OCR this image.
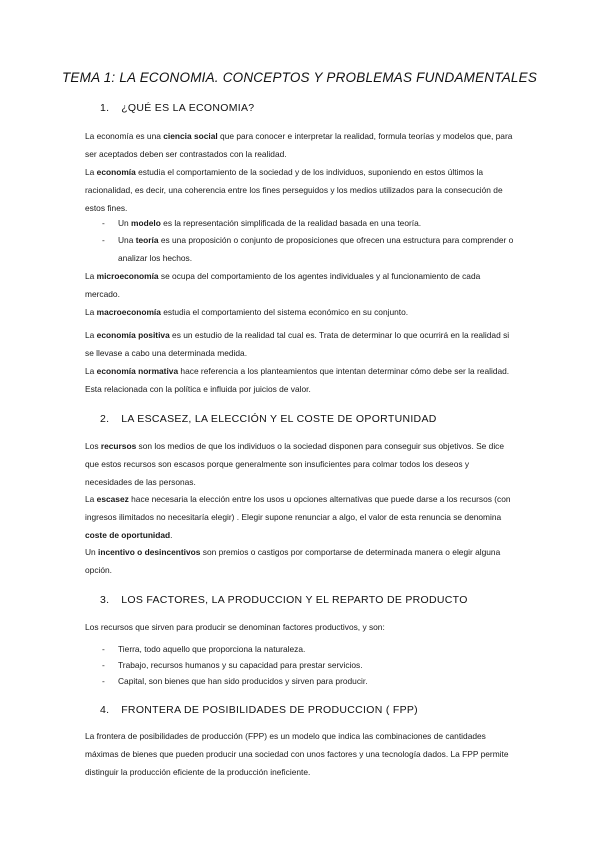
TEMA 1: LA ECONOMIA. CONCEPTOS Y PROBLEMAS FUNDAMENTALES
1. ¿QUÉ ES LA ECONOMIA?

La economía es una ciencia social que para conocer e interpretar la realidad, formula teorías y modelos que, para ser aceptados deben ser contrastados con la realidad.

La economía estudia el comportamiento de la sociedad y de los individuos, suponiendo en estos últimos la racionalidad, es decir, una coherencia entre los fines perseguidos y los medios utilizados para la consecución de estos fines.

- Un modelo es la representación simplificada de la realidad basada en una teoría.
- Una teoría es una proposición o conjunto de proposiciones que ofrecen una estructura para comprender o analizar los hechos.

La microeconomía se ocupa del comportamiento de los agentes individuales y al funcionamiento de cada mercado.

La macroeconomía estudia el comportamiento del sistema económico en su conjunto.

La economía positiva es un estudio de la realidad tal cual es. Trata de determinar lo que ocurrirá en la realidad si se llevase a cabo una determinada medida.

La economía normativa hace referencia a los planteamientos que intentan determinar cómo debe ser la realidad. Esta relacionada con la política e influida por juicios de valor.

2. LA ESCASEZ, LA ELECCIÓN Y EL COSTE DE OPORTUNIDAD

Los recursos son los medios de que los individuos o la sociedad disponen para conseguir sus objetivos. Se dice que estos recursos son escasos porque generalmente son insuficientes para colmar todos los deseos y necesidades de las personas.

La escasez hace necesaria la elección entre los usos u opciones alternativas que puede darse a los recursos (con ingresos ilimitados no necesitaría elegir) . Elegir supone renunciar a algo, el valor de esta renuncia se denomina coste de oportunidad.

Un incentivo o desincentivos son premios o castigos por comportarse de determinada manera o elegir alguna opción.

3. LOS FACTORES, LA PRODUCCION Y EL REPARTO DE PRODUCTO

Los recursos que sirven para producir se denominan factores productivos, y son:

- Tierra, todo aquello que proporciona la naturaleza.
- Trabajo, recursos humanos y su capacidad para prestar servicios.
- Capital, son bienes que han sido producidos y sirven para producir.
4. FRONTERA DE POSIBILIDADES DE PRODUCCION ( FPP)

La frontera de posibilidades de producción (FPP) es un modelo que indica las combinaciones de cantidades máximas de bienes que pueden producir una sociedad con unos factores y una tecnología dados. La FPP permite distinguir la producción eficiente de la producción ineficiente.
